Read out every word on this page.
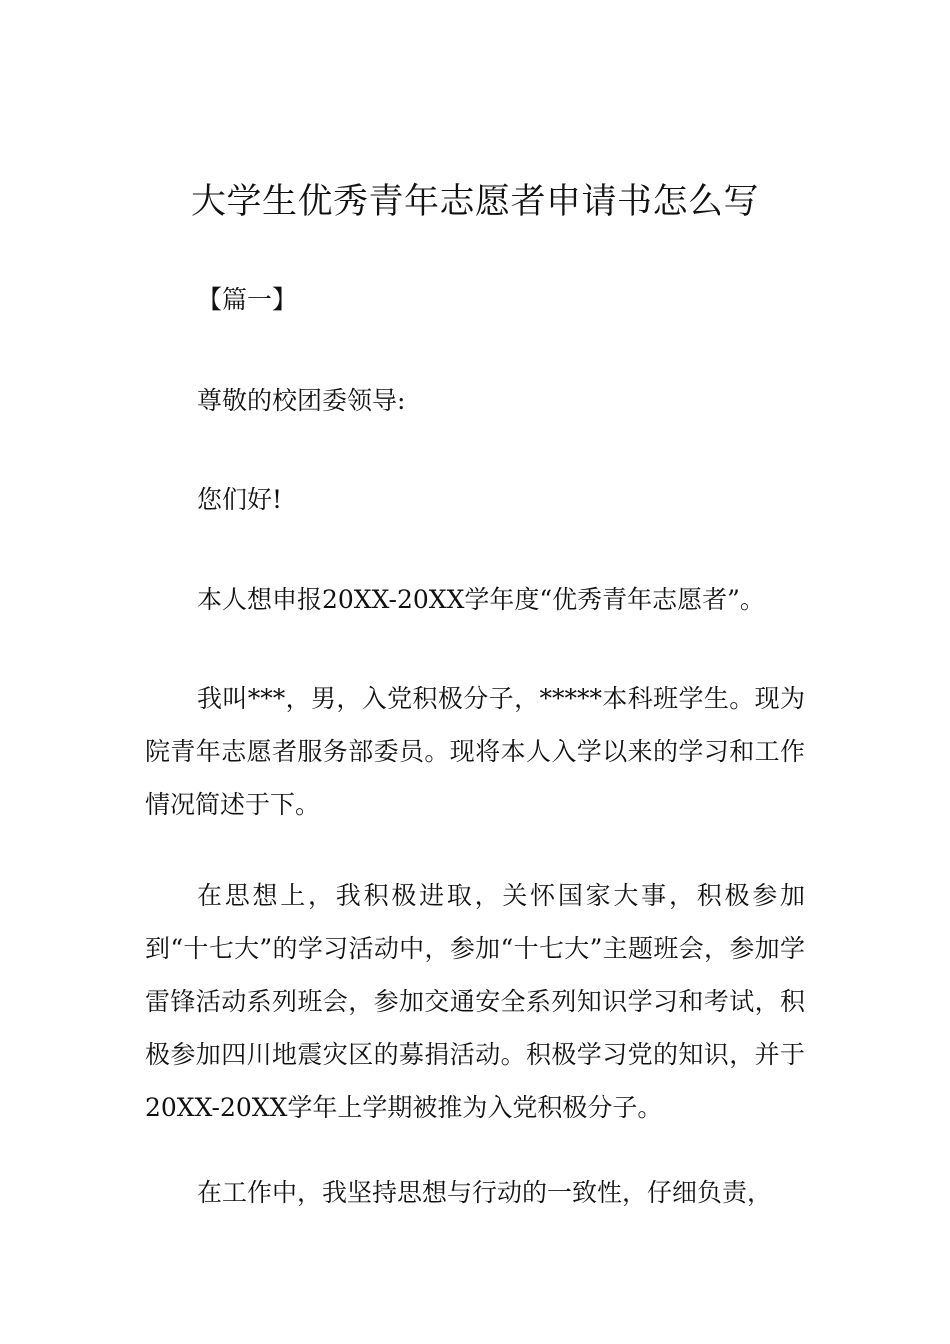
大学生优秀青年志愿者申请书怎么写

【篇一】

尊敬的校团委领导:

您们好!

本人想申报20XX-20XX学年度“优秀青年志愿者”。

我叫***，男，入党积极分子，*****本科班学生。现为院青年志愿者服务部委员。现将本人入学以来的学习和工作情况简述于下。

在思想上，我积极进取，关怀国家大事，积极参加到“十七大”的学习活动中，参加“十七大”主题班会，参加学雷锋活动系列班会，参加交通安全系列知识学习和考试，积极参加四川地震灾区的募捐活动。积极学习党的知识，并于20XX-20XX学年上学期被推为入党积极分子。

在工作中，我坚持思想与行动的一致性，仔细负责，
